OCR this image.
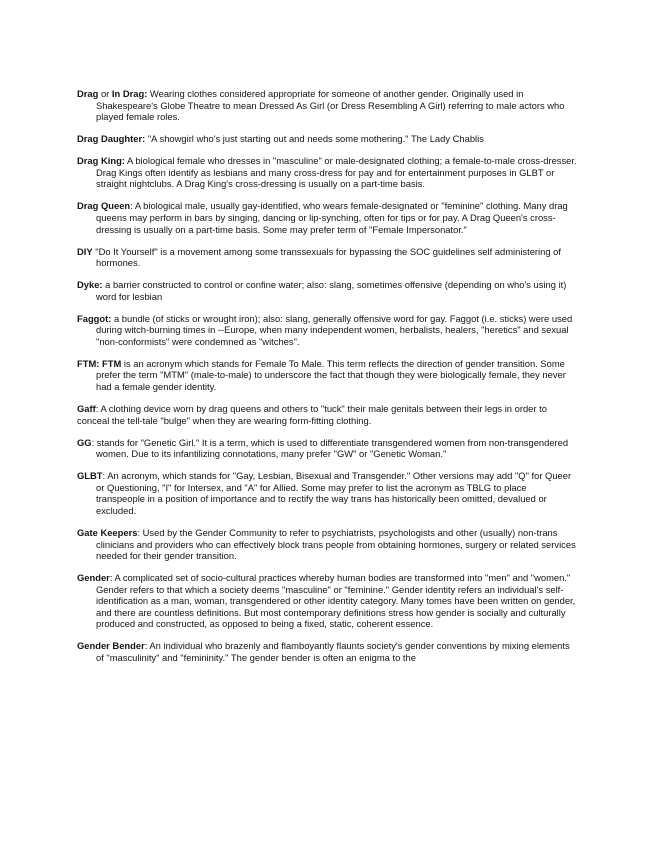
Drag or In Drag: Wearing clothes considered appropriate for someone of another gender. Originally used in Shakespeare's Globe Theatre to mean Dressed As Girl (or Dress Resembling A Girl) referring to male actors who played female roles.

Drag Daughter: "A showgirl who's just starting out and needs some mothering." The Lady Chablis

Drag King: A biological female who dresses in "masculine" or male-designated clothing; a female-to-male cross-dresser. Drag Kings often identify as lesbians and many cross-dress for pay and for entertainment purposes in GLBT or straight nightclubs. A Drag King's cross-dressing is usually on a part-time basis.

Drag Queen: A biological male, usually gay-identified, who wears female-designated or "feminine" clothing. Many drag queens may perform in bars by singing, dancing or lip-synching, often for tips or for pay. A Drag Queen's cross-dressing is usually on a part-time basis. Some may prefer term of "Female Impersonator."

DIY "Do It Yourself" is a movement among some transsexuals for bypassing the SOC guidelines self administering of hormones.

Dyke: a barrier constructed to control or confine water; also: slang, sometimes offensive (depending on who's using it) word for lesbian

Faggot: a bundle (of sticks or wrought iron); also: slang, generally offensive word for gay. Faggot (i.e. sticks) were used during witch-burning times in --Europe, when many independent women, herbalists, healers, "heretics" and sexual "non-conformists" were condemned as "witches".

FTM: FTM is an acronym which stands for Female To Male. This term reflects the direction of gender transition. Some prefer the term "MTM" (male-to-male) to underscore the fact that though they were biologically female, they never had a female gender identity.

Gaff: A clothing device worn by drag queens and others to "tuck" their male genitals between their legs in order to conceal the tell-tale "bulge" when they are wearing form-fitting clothing.

GG: stands for "Genetic Girl." It is a term, which is used to differentiate transgendered women from non-transgendered women. Due to its infantilizing connotations, many prefer "GW" or "Genetic Woman."

GLBT: An acronym, which stands for "Gay, Lesbian, Bisexual and Transgender." Other versions may add "Q" for Queer or Questioning, "I" for Intersex, and "A" for Allied. Some may prefer to list the acronym as TBLG to place transpeople in a position of importance and to rectify the way trans has historically been omitted, devalued or excluded.

Gate Keepers: Used by the Gender Community to refer to psychiatrists, psychologists and other (usually) non-trans clinicians and providers who can effectively block trans people from obtaining hormones, surgery or related services needed for their gender transition.

Gender: A complicated set of socio-cultural practices whereby human bodies are transformed into "men" and "women." Gender refers to that which a society deems "masculine" or "feminine." Gender identity refers an individual's self-identification as a man, woman, transgendered or other identity category. Many tomes have been written on gender, and there are countless definitions. But most contemporary definitions stress how gender is socially and culturally produced and constructed, as opposed to being a fixed, static, coherent essence.

Gender Bender: An individual who brazenly and flamboyantly flaunts society's gender conventions by mixing elements of "masculinity" and "femininity." The gender bender is often an enigma to the
